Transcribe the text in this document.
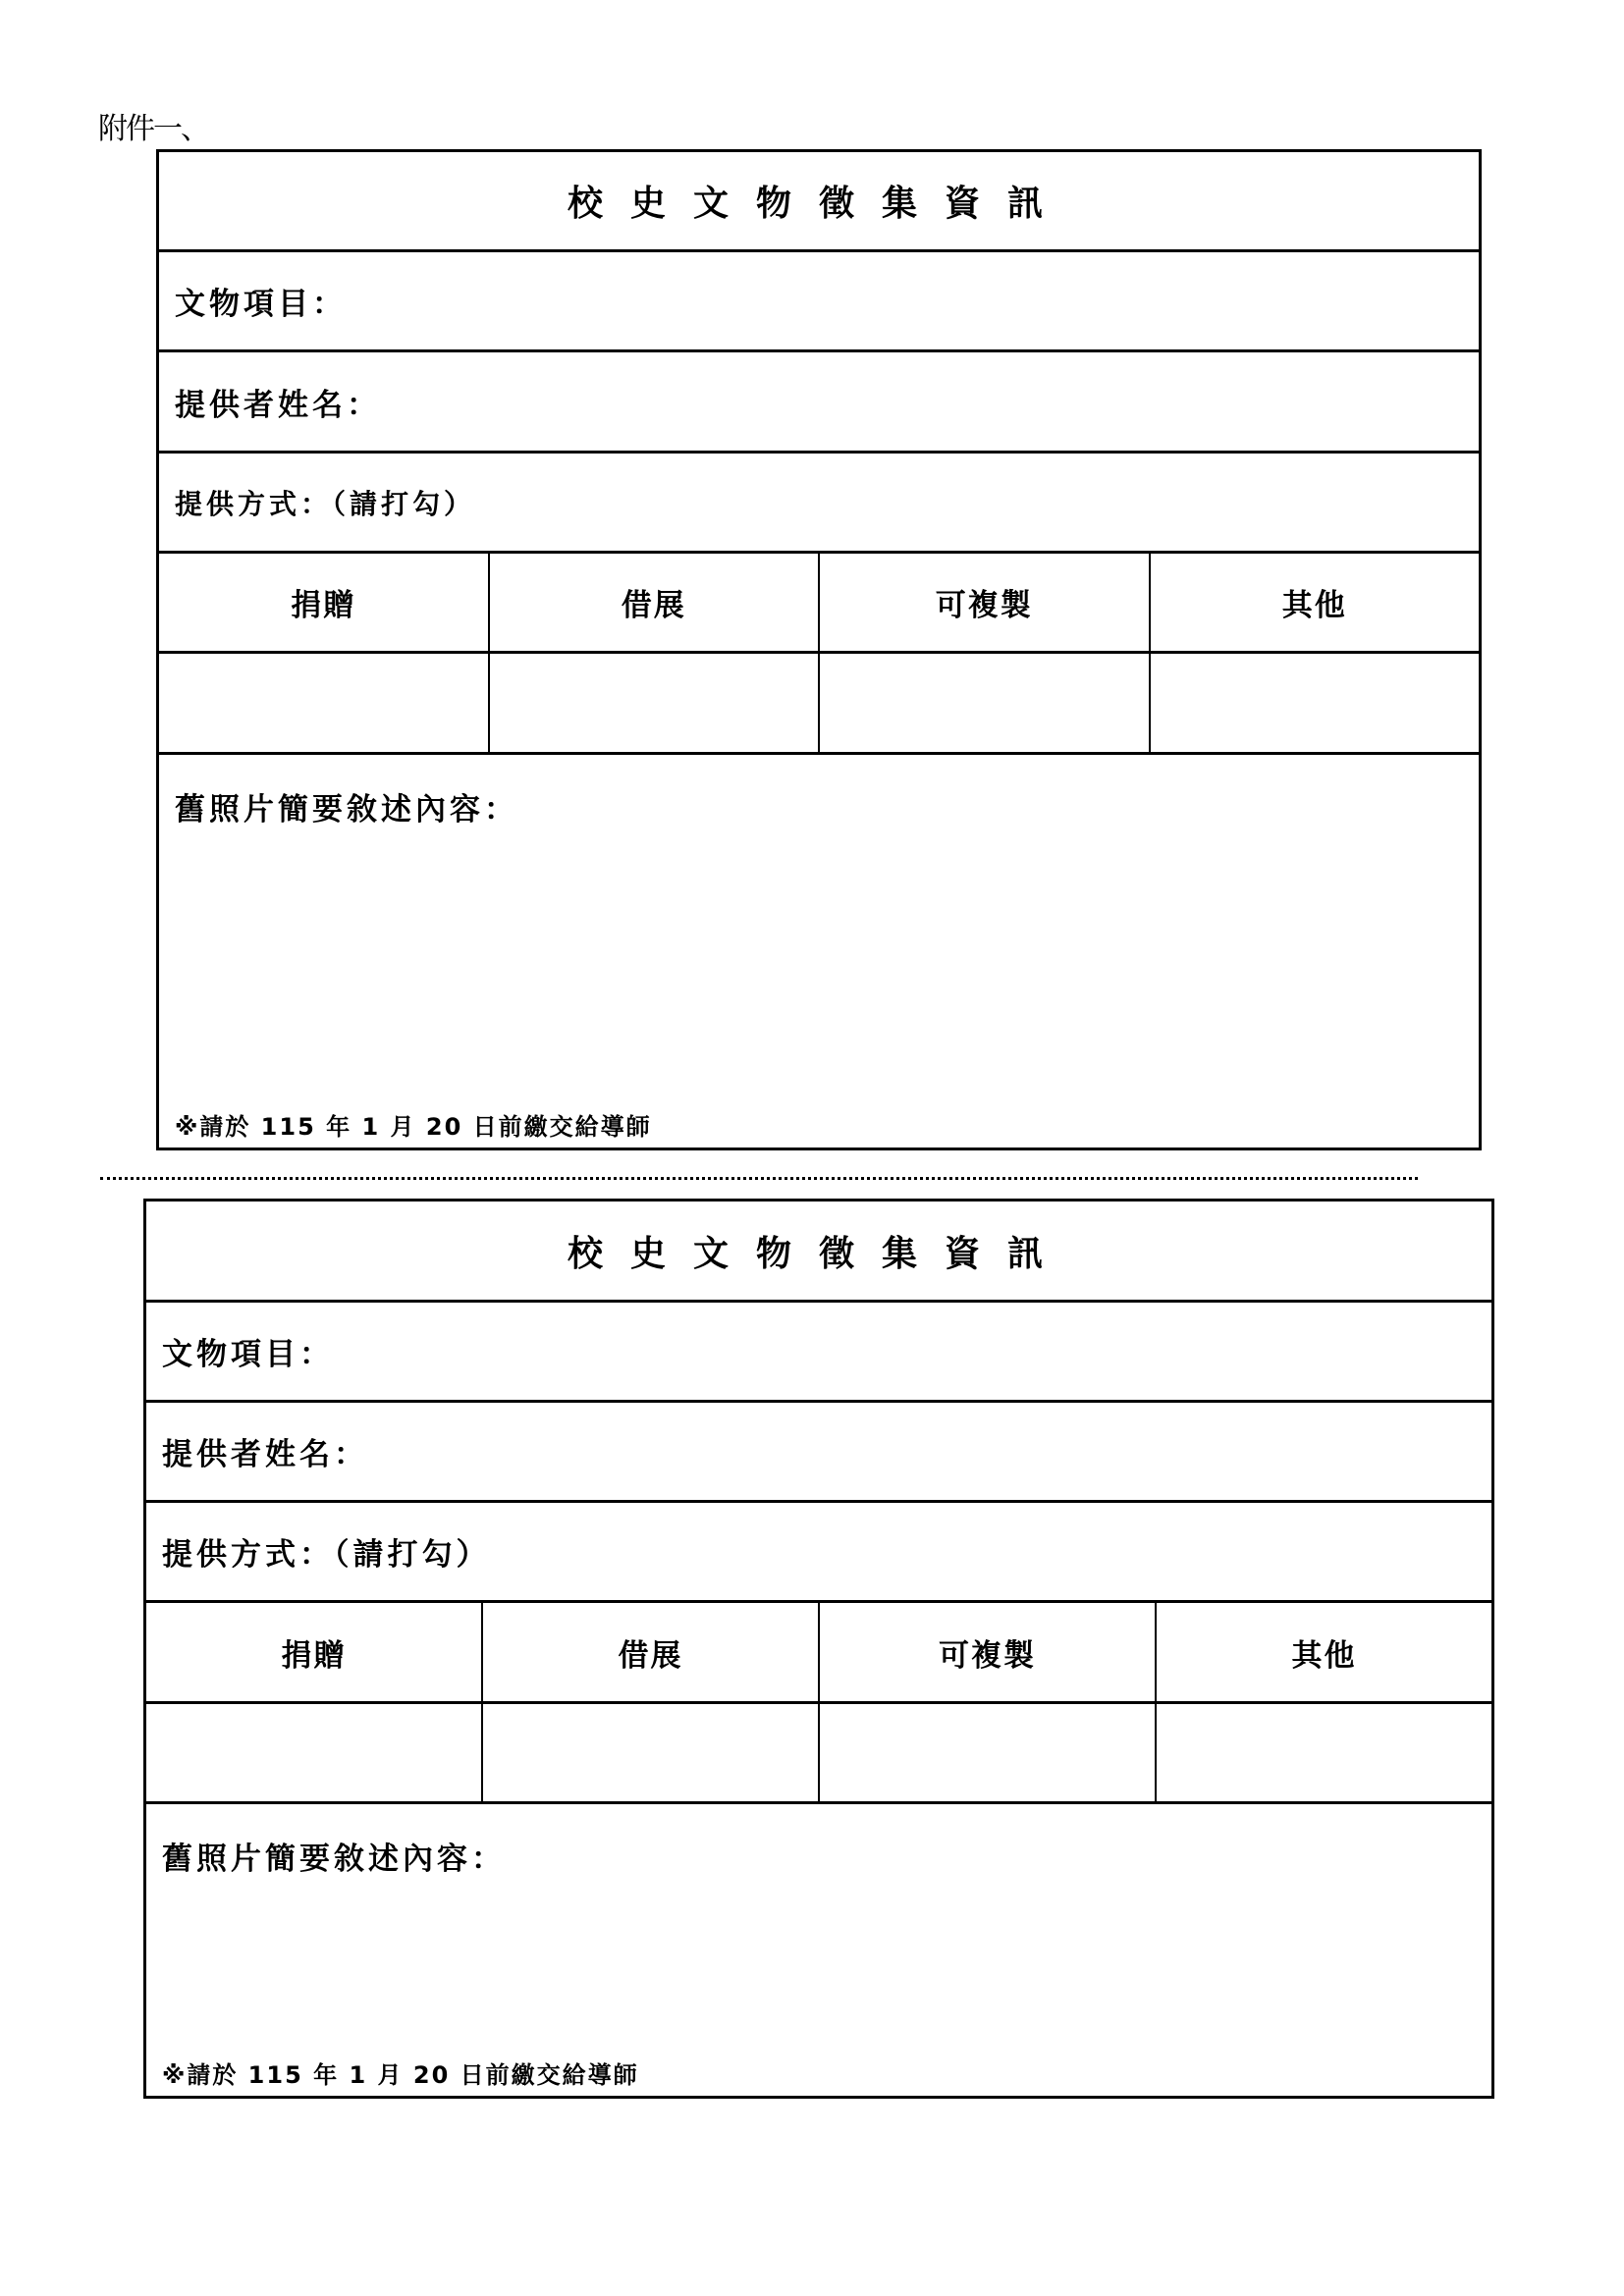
附件一、
校史文物徵集資訊
文物項目：
提供者姓名：
提供方式：（請打勾）
捐贈	借展	可複製	其他
舊照片簡要敘述內容：
※請於 115 年 1 月 20 日前繳交給導師
校史文物徵集資訊
文物項目：
提供者姓名：
提供方式：（請打勾）
捐贈	借展	可複製	其他
舊照片簡要敘述內容：
※請於 115 年 1 月 20 日前繳交給導師
